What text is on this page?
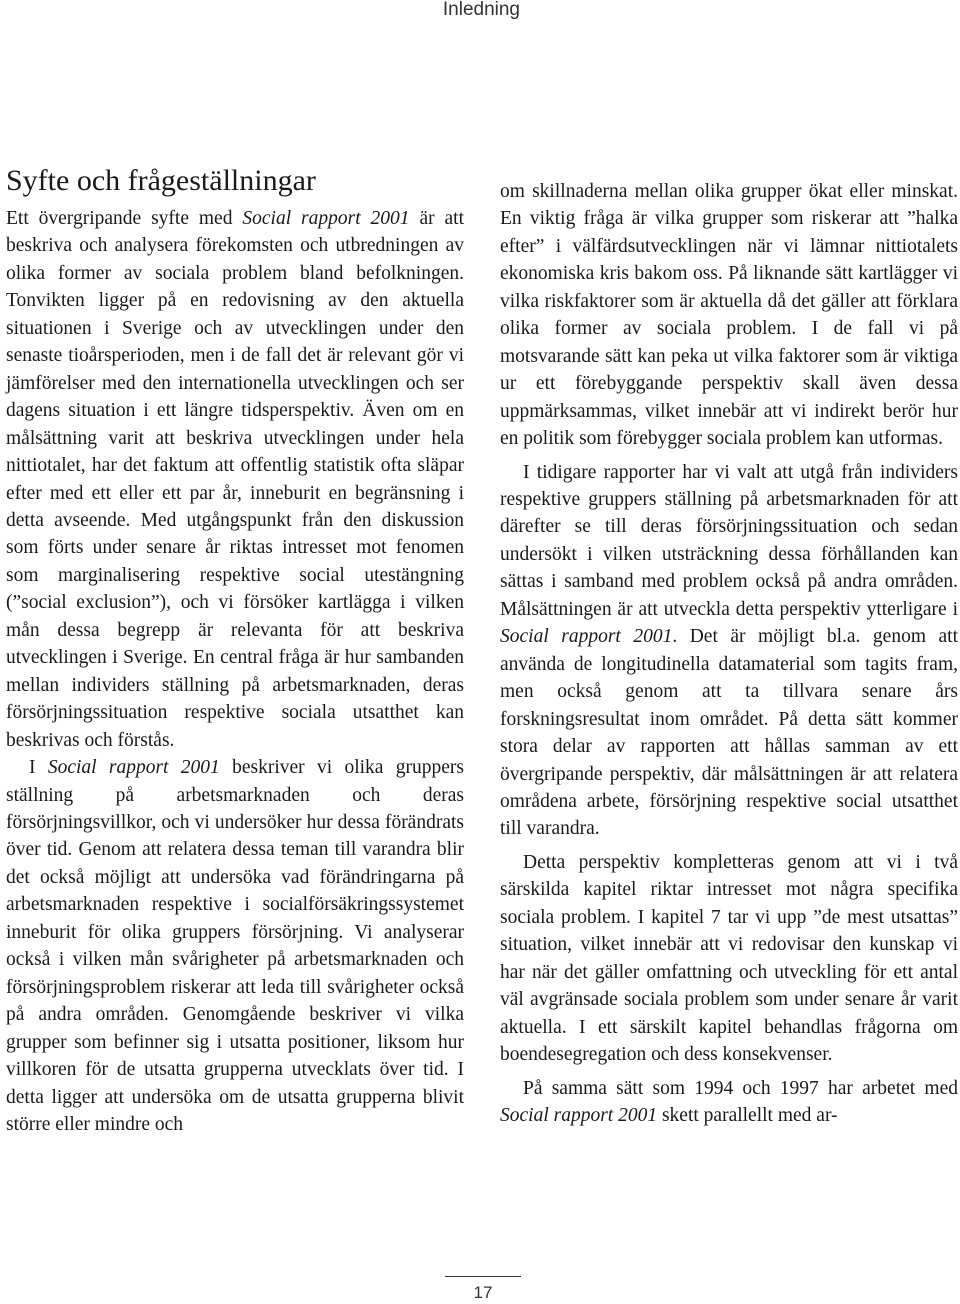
Inledning
Syfte och frågeställningar

Ett övergripande syfte med Social rapport 2001 är att beskriva och analysera förekomsten och utbredningen av olika former av sociala problem bland befolkningen. Tonvikten ligger på en redovisning av den aktuella situationen i Sverige och av utvecklingen under den senaste tioårsperioden, men i de fall det är relevant gör vi jämförelser med den internationella utvecklingen och ser dagens situation i ett längre tidsperspektiv. Även om en målsättning varit att beskriva utvecklingen under hela nittiotalet, har det faktum att offentlig statistik ofta släpar efter med ett eller ett par år, inneburit en begränsning i detta avseende. Med utgångspunkt från den diskussion som förts under senare år riktas intresset mot fenomen som marginalisering respektive social utestängning (”social exclusion”), och vi försöker kartlägga i vilken mån dessa begrepp är relevanta för att beskriva utvecklingen i Sverige. En central fråga är hur sambanden mellan individers ställning på arbetsmarknaden, deras försörjningssituation respektive sociala utsatthet kan beskrivas och förstås.

I Social rapport 2001 beskriver vi olika gruppers ställning på arbetsmarknaden och deras försörjningsvillkor, och vi undersöker hur dessa förändrats över tid. Genom att relatera dessa teman till varandra blir det också möjligt att undersöka vad förändringarna på arbetsmarknaden respektive i socialförsäkringssystemet inneburit för olika gruppers försörjning. Vi analyserar också i vilken mån svårigheter på arbetsmarknaden och försörjningsproblem riskerar att leda till svårigheter också på andra områden. Genomgående beskriver vi vilka grupper som befinner sig i utsatta positioner, liksom hur villkoren för de utsatta grupperna utvecklats över tid. I detta ligger att undersöka om de utsatta grupperna blivit större eller mindre och

om skillnaderna mellan olika grupper ökat eller minskat. En viktig fråga är vilka grupper som riskerar att ”halka efter” i välfärdsutvecklingen när vi lämnar nittiotalets ekonomiska kris bakom oss. På liknande sätt kartlägger vi vilka riskfaktorer som är aktuella då det gäller att förklara olika former av sociala problem. I de fall vi på motsvarande sätt kan peka ut vilka faktorer som är viktiga ur ett förebyggande perspektiv skall även dessa uppmärksammas, vilket innebär att vi indirekt berör hur en politik som förebygger sociala problem kan utformas.

I tidigare rapporter har vi valt att utgå från individers respektive gruppers ställning på arbetsmarknaden för att därefter se till deras försörjningssituation och sedan undersökt i vilken utsträckning dessa förhållanden kan sättas i samband med problem också på andra områden. Målsättningen är att utveckla detta perspektiv ytterligare i Social rapport 2001. Det är möjligt bl.a. genom att använda de longitudinella datamaterial som tagits fram, men också genom att ta tillvara senare års forskningsresultat inom området. På detta sätt kommer stora delar av rapporten att hållas samman av ett övergripande perspektiv, där målsättningen är att relatera områdena arbete, försörjning respektive social utsatthet till varandra.

Detta perspektiv kompletteras genom att vi i två särskilda kapitel riktar intresset mot några specifika sociala problem. I kapitel 7 tar vi upp ”de mest utsattas” situation, vilket innebär att vi redovisar den kunskap vi har när det gäller omfattning och utveckling för ett antal väl avgränsade sociala problem som under senare år varit aktuella. I ett särskilt kapitel behandlas frågorna om boendesegregation och dess konsekvenser.

På samma sätt som 1994 och 1997 har arbetet med Social rapport 2001 skett parallellt med ar-

17
